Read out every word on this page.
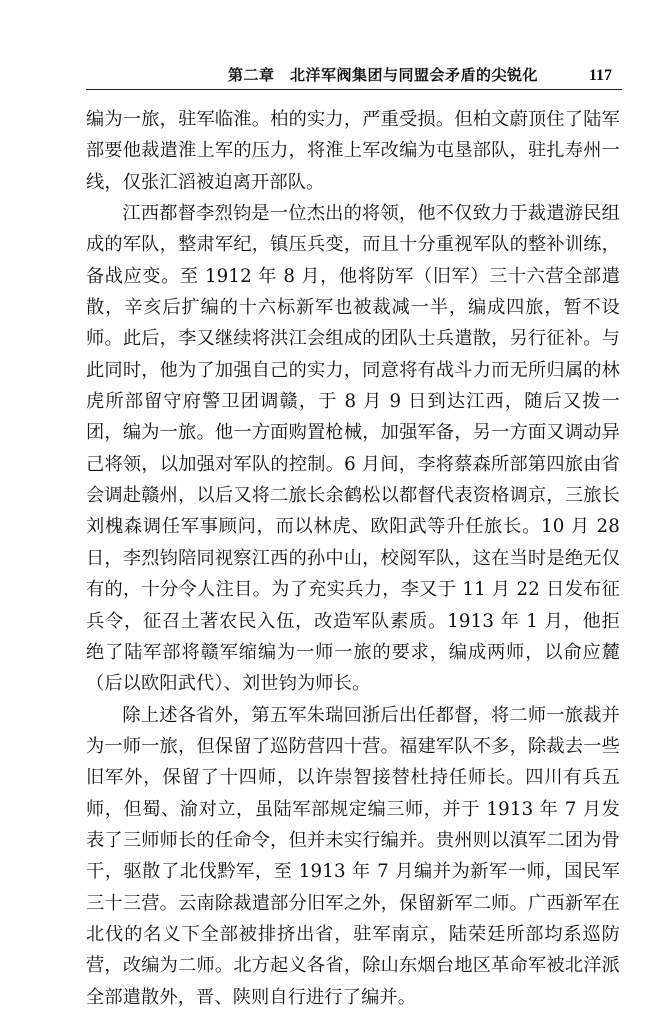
第二章　北洋军阀集团与同盟会矛盾的尖锐化	117

编为一旅，驻军临淮。柏的实力，严重受损。但柏文蔚顶住了陆军部要他裁遣淮上军的压力，将淮上军改编为屯垦部队，驻扎寿州一线，仅张汇滔被迫离开部队。

江西都督李烈钧是一位杰出的将领，他不仅致力于裁遣游民组成的军队，整肃军纪，镇压兵变，而且十分重视军队的整补训练，备战应变。至 1912 年 8 月，他将防军（旧军）三十六营全部遣散，辛亥后扩编的十六标新军也被裁减一半，编成四旅，暂不设师。此后，李又继续将洪江会组成的团队士兵遣散，另行征补。与此同时，他为了加强自己的实力，同意将有战斗力而无所归属的林虎所部留守府警卫团调赣，于 8 月 9 日到达江西，随后又拨一团，编为一旅。他一方面购置枪械，加强军备，另一方面又调动异己将领，以加强对军队的控制。6 月间，李将蔡森所部第四旅由省会调赴赣州，以后又将二旅长余鹤松以都督代表资格调京，三旅长刘槐森调任军事顾问，而以林虎、欧阳武等升任旅长。10 月 28 日，李烈钧陪同视察江西的孙中山，校阅军队，这在当时是绝无仅有的，十分令人注目。为了充实兵力，李又于 11 月 22 日发布征兵令，征召土著农民入伍，改造军队素质。1913 年 1 月，他拒绝了陆军部将赣军缩编为一师一旅的要求，编成两师，以俞应麓（后以欧阳武代）、刘世钧为师长。

除上述各省外，第五军朱瑞回浙后出任都督，将二师一旅裁并为一师一旅，但保留了巡防营四十营。福建军队不多，除裁去一些旧军外，保留了十四师，以许崇智接替杜持任师长。四川有兵五师，但蜀、渝对立，虽陆军部规定编三师，并于 1913 年 7 月发表了三师师长的任命令，但并未实行编并。贵州则以滇军二团为骨干，驱散了北伐黔军，至 1913 年 7 月编并为新军一师，国民军三十三营。云南除裁遣部分旧军之外，保留新军二师。广西新军在北伐的名义下全部被排挤出省，驻军南京，陆荣廷所部均系巡防营，改编为二师。北方起义各省，除山东烟台地区革命军被北洋派全部遣散外，晋、陕则自行进行了编并。
